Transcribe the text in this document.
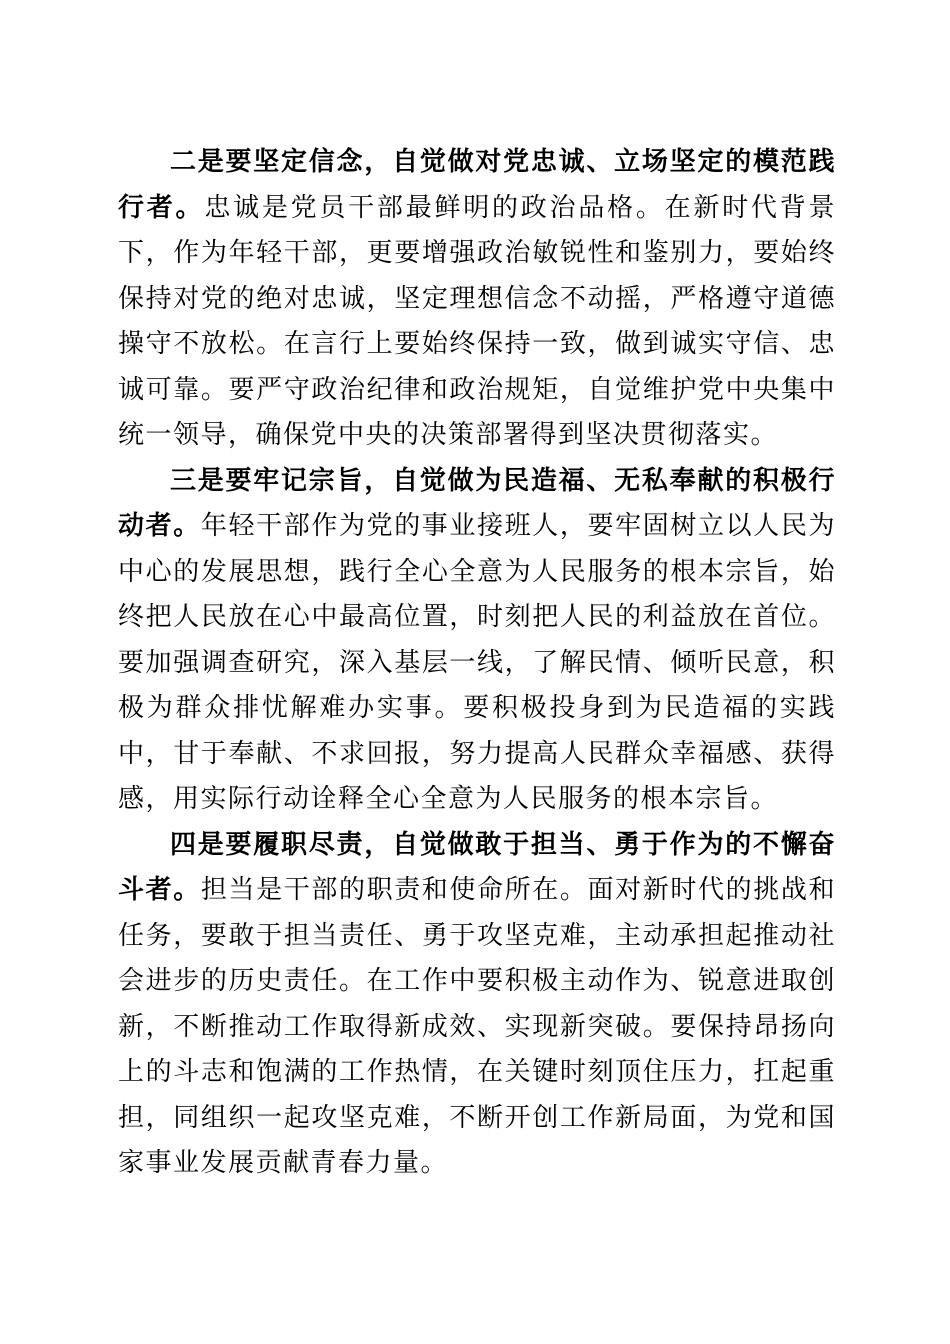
二是要坚定信念，自觉做对党忠诚、立场坚定的模范践行者。忠诚是党员干部最鲜明的政治品格。在新时代背景下，作为年轻干部，更要增强政治敏锐性和鉴别力，要始终保持对党的绝对忠诚，坚定理想信念不动摇，严格遵守道德操守不放松。在言行上要始终保持一致，做到诚实守信、忠诚可靠。要严守政治纪律和政治规矩，自觉维护党中央集中统一领导，确保党中央的决策部署得到坚决贯彻落实。

三是要牢记宗旨，自觉做为民造福、无私奉献的积极行动者。年轻干部作为党的事业接班人，要牢固树立以人民为中心的发展思想，践行全心全意为人民服务的根本宗旨，始终把人民放在心中最高位置，时刻把人民的利益放在首位。要加强调查研究，深入基层一线，了解民情、倾听民意，积极为群众排忧解难办实事。要积极投身到为民造福的实践中，甘于奉献、不求回报，努力提高人民群众幸福感、获得感，用实际行动诠释全心全意为人民服务的根本宗旨。

四是要履职尽责，自觉做敢于担当、勇于作为的不懈奋斗者。担当是干部的职责和使命所在。面对新时代的挑战和任务，要敢于担当责任、勇于攻坚克难，主动承担起推动社会进步的历史责任。在工作中要积极主动作为、锐意进取创新，不断推动工作取得新成效、实现新突破。要保持昂扬向上的斗志和饱满的工作热情，在关键时刻顶住压力，扛起重担，同组织一起攻坚克难，不断开创工作新局面，为党和国家事业发展贡献青春力量。
